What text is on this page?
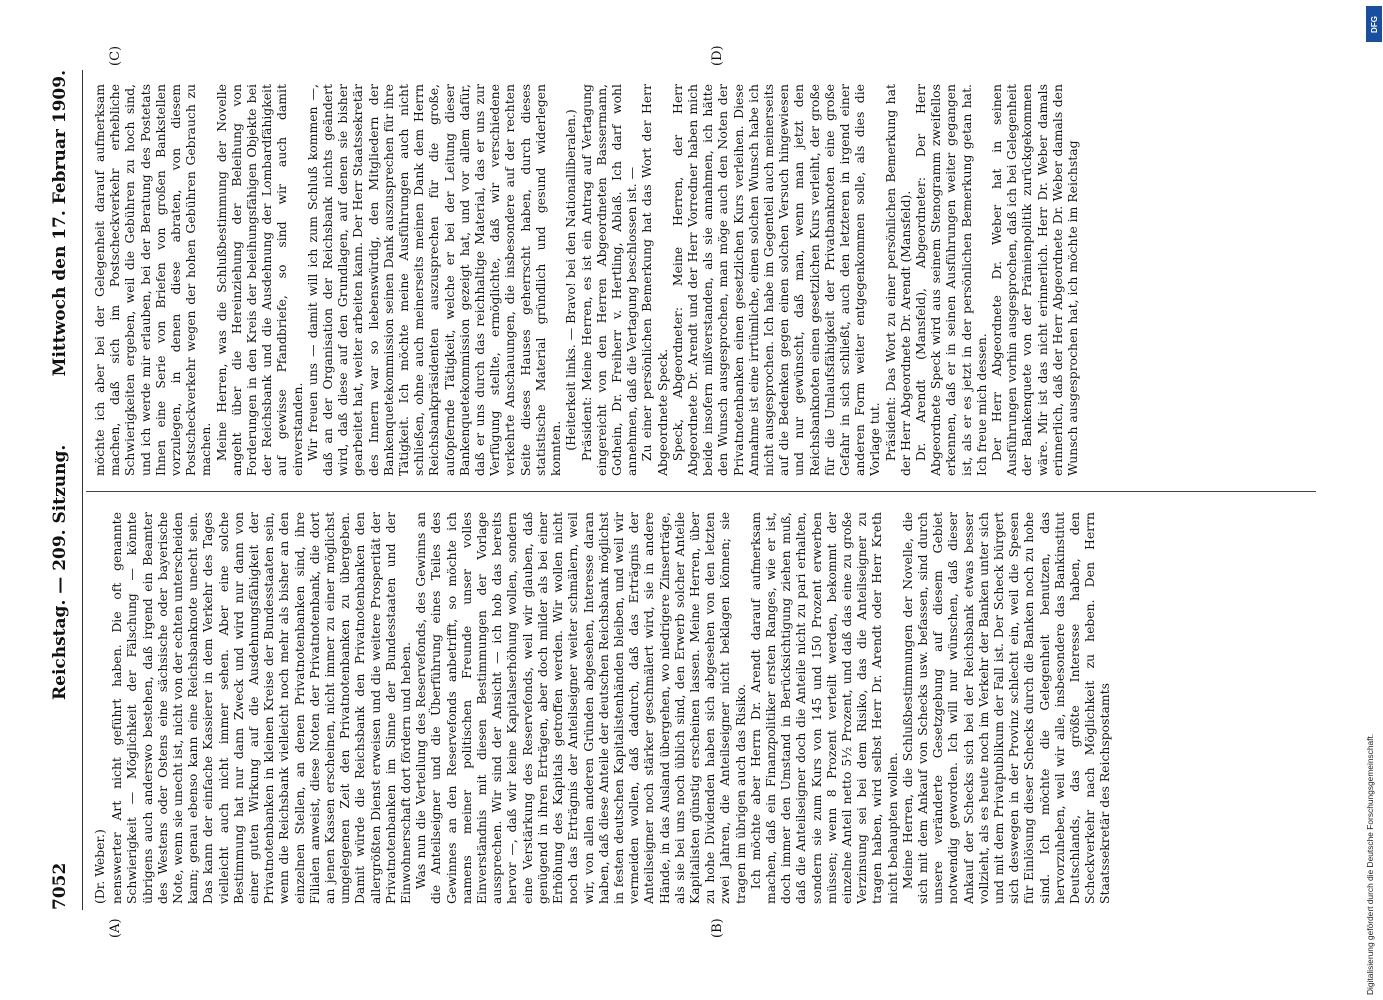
7052
Reichstag. — 209. Sitzung.
Mittwoch den 17. Februar 1909.
(A)	(B)
(C)	(D)
(Dr. Weber.) nenswerter Art nicht geführt haben. Die oft genannte Schwierigkeit — Möglichkeit der Fälschung — könnte übrigens auch anderswo bestehen, daß irgend ein Beamter des Westens oder Ostens eine sächsische oder bayerische Note, wenn sie unecht ist, nicht von der echten unterscheiden kann; genau ebenso kann eine Reichsbanknote unecht sein. Das kann der einfache Kassierer in dem Verkehr des Tages vielleicht auch nicht immer sehen. Aber eine solche Bestimmung hat nur dann Zweck und wird nur dann von einer guten Wirkung auf die Ausdehnungsfähigkeit der Privatnotenbanken in kleinen Kreise der Bundesstaaten sein, wenn die Reichsbank vielleicht noch mehr als bisher an den einzelnen Stellen, an denen Privatnotenbanken sind, ihre Filialen anweist, diese Noten der Privatnotenbank, die dort an jenen Kassen erscheinen, nicht immer zu einer möglichst umgelegenen Zeit den Privatnotenbanken zu übergeben. Damit würde die Reichsbank den Privatnotenbanken den allergrößten Dienst erweisen und die weitere Prosperität der Privatnotenbanken im Sinne der Bundesstaaten und der Einwohnerschaft dort fördern und heben. Was nun die Verteilung des Reservefonds, des Gewinns an die Anteilseigner und die Überführung eines Teiles des Gewinnes an den Reservefonds anbetrifft, so möchte ich namens meiner politischen Freunde unser volles Einverständnis mit diesen Bestimmungen der Vorlage aussprechen. Wir sind der Ansicht — ich hob das bereits hervor —, daß wir keine Kapitalserhöhung wollen, sondern eine Verstärkung des Reservefonds, weil wir glauben, daß genügend in ihren Erträgen, aber doch milder als bei einer Erhöhung des Kapitals getroffen werden. Wir wollen nicht noch das Erträgnis der Anteilseigner weiter schmälern, weil wir, von allen anderen Gründen abgesehen, Interesse daran haben, daß diese Anteile der deutschen Reichsbank möglichst in festen deutschen Kapitalistenhänden bleiben, und weil wir vermeiden wollen, daß dadurch, daß das Erträgnis der Anteilseigner noch stärker geschmälert wird, sie in andere Hände, in das Ausland übergehen, wo niedrigere Zinserträge, als sie bei uns noch üblich sind, den Erwerb solcher Anteile Kapitalisten günstig erscheinen lassen. Meine Herren, über zu hohe Dividenden haben sich abgesehen von den letzten zwei Jahren, die Anteilseigner nicht beklagen können; sie tragen im übrigen auch das Risiko. Ich möchte aber Herrn Dr. Arendt darauf aufmerksam machen, daß ein Finanzpolitiker ersten Ranges, wie er ist, doch immer den Umstand in Berücksichtigung ziehen muß, daß die Anteilseigner doch die Anteile nicht zu pari erhalten, sondern sie zum Kurs von 145 und 150 Prozent erwerben müssen; wenn 8 Prozent verteilt werden, bekommt der einzelne Anteil netto 5½ Prozent, und daß das eine zu große Verzinsung sei bei dem Risiko, das die Anteilseigner zu tragen haben, wird selbst Herr Dr. Arendt oder Herr Kreth nicht behaupten wollen. Meine Herren, die Schlußbestimmungen der Novelle, die sich mit dem Ankauf von Schecks usw. befassen, sind durch unsere veränderte Gesetzgebung auf diesem Gebiet notwendig geworden. Ich will nur wünschen, daß dieser Ankauf der Schecks sich bei der Reichsbank etwas besser vollzieht, als es heute noch im Verkehr der Banken unter sich und mit dem Privatpublikum der Fall ist. Der Scheck bürgert sich deswegen in der Provinz schlecht ein, weil die Spesen für Einlösung dieser Schecks durch die Banken noch zu hohe sind. Ich möchte die Gelegenheit benutzen, das hervorzuheben, weil wir alle, insbesondere das Bankinstitut Deutschlands, das größte Interesse haben, den Scheckverkehr nach Möglichkeit zu heben. Den Herrn Staatssekretär des Reichspostamts

möchte ich aber bei der Gelegenheit darauf aufmerksam machen, daß sich im Postscheckverkehr erhebliche Schwierigkeiten ergeben, weil die Gebühren zu hoch sind, und ich werde mir erlauben, bei der Beratung des Postetats Ihnen eine Serie von Briefen von großen Bankstellen vorzulegen, in denen diese abraten, von diesem Postscheckverkehr wegen der hohen Gebühren Gebrauch zu machen. Meine Herren, was die Schlußbestimmung der Novelle angeht über die Hereinziehung der Beleihung von Forderungen in den Kreis der beleihungsfähigen Objekte bei der Reichsbank und die Ausdehnung der Lombardfähigkeit auf gewisse Pfandbriefe, so sind wir auch damit einverstanden. Wir freuen uns — damit will ich zum Schluß kommen —, daß an der Organisation der Reichsbank nichts geändert wird, daß diese auf den Grundlagen, auf denen sie bisher gearbeitet hat, weiter arbeiten kann. Der Herr Staatssekretär des Innern war so liebenswürdig, den Mitgliedern der Bankenquetekommission seinen Dank auszusprechen für ihre Tätigkeit. Ich möchte meine Ausführungen auch nicht schließen, ohne auch meinerseits meinen Dank dem Herrn Reichsbankpräsidenten auszusprechen für die große, aufopfernde Tätigkeit, welche er bei der Leitung dieser Bankenquetekommission gezeigt hat, und vor allem dafür, daß er uns durch das reichhaltige Material, das er uns zur Verfügung stellte, ermöglichte, daß wir verschiedene verkehrte Anschauungen, die insbesondere auf der rechten Seite dieses Hauses geherrscht haben, durch dieses statistische Material gründlich und gesund widerlegen konnten. (Heiterkeit links. — Bravo! bei den Nationalliberalen.) Präsident: Meine Herren, es ist ein Antrag auf Vertagung eingereicht von den Herren Abgeordneten Bassermann, Gothein, Dr. Freiherr v. Hertling, Ablaß. Ich darf wohl annehmen, daß die Vertagung beschlossen ist. — Zu einer persönlichen Bemerkung hat das Wort der Herr Abgeordnete Speck. Speck, Abgeordneter: Meine Herren, der Herr Abgeordnete Dr. Arendt und der Herr Vorredner haben mich beide insofern mißverstanden, als sie annahmen, ich hätte den Wunsch ausgesprochen, man möge auch den Noten der Privatnotenbanken einen gesetzlichen Kurs verleihen. Diese Annahme ist eine irrtümliche, einen solchen Wunsch habe ich nicht ausgesprochen. Ich habe im Gegenteil auch meinerseits auf die Bedenken gegen einen solchen Versuch hingewiesen und nur gewünscht, daß man, wenn man jetzt den Reichsbanknoten einen gesetzlichen Kurs verleiht, der große für die Umlaufsfähigkeit der Privatbanknoten eine große Gefahr in sich schließt, auch den letzteren in irgend einer anderen Form weiter entgegenkommen solle, als dies die Vorlage tut. Präsident: Das Wort zu einer persönlichen Bemerkung hat der Herr Abgeordnete Dr. Arendt (Mansfeld). Dr. Arendt (Mansfeld), Abgeordneter: Der Herr Abgeordnete Speck wird aus seinem Stenogramm zweifellos erkennen, daß er in seinen Ausführungen weiter gegangen ist, als er es jetzt in der persönlichen Bemerkung getan hat. Ich freue mich dessen. Der Herr Abgeordnete Dr. Weber hat in seinen Ausführungen vorhin ausgesprochen, daß ich bei Gelegenheit der Bankenquete von der Prämienpolitik zurückgekommen wäre. Mir ist das nicht erinnerlich. Herr Dr. Weber damals erinnerlich, daß der Herr Abgeordnete Dr. Weber damals den Wunsch ausgesprochen hat, ich möchte im Reichstag

DFG
Digitalisierung gefördert durch die Deutsche Forschungsgemeinschaft.
